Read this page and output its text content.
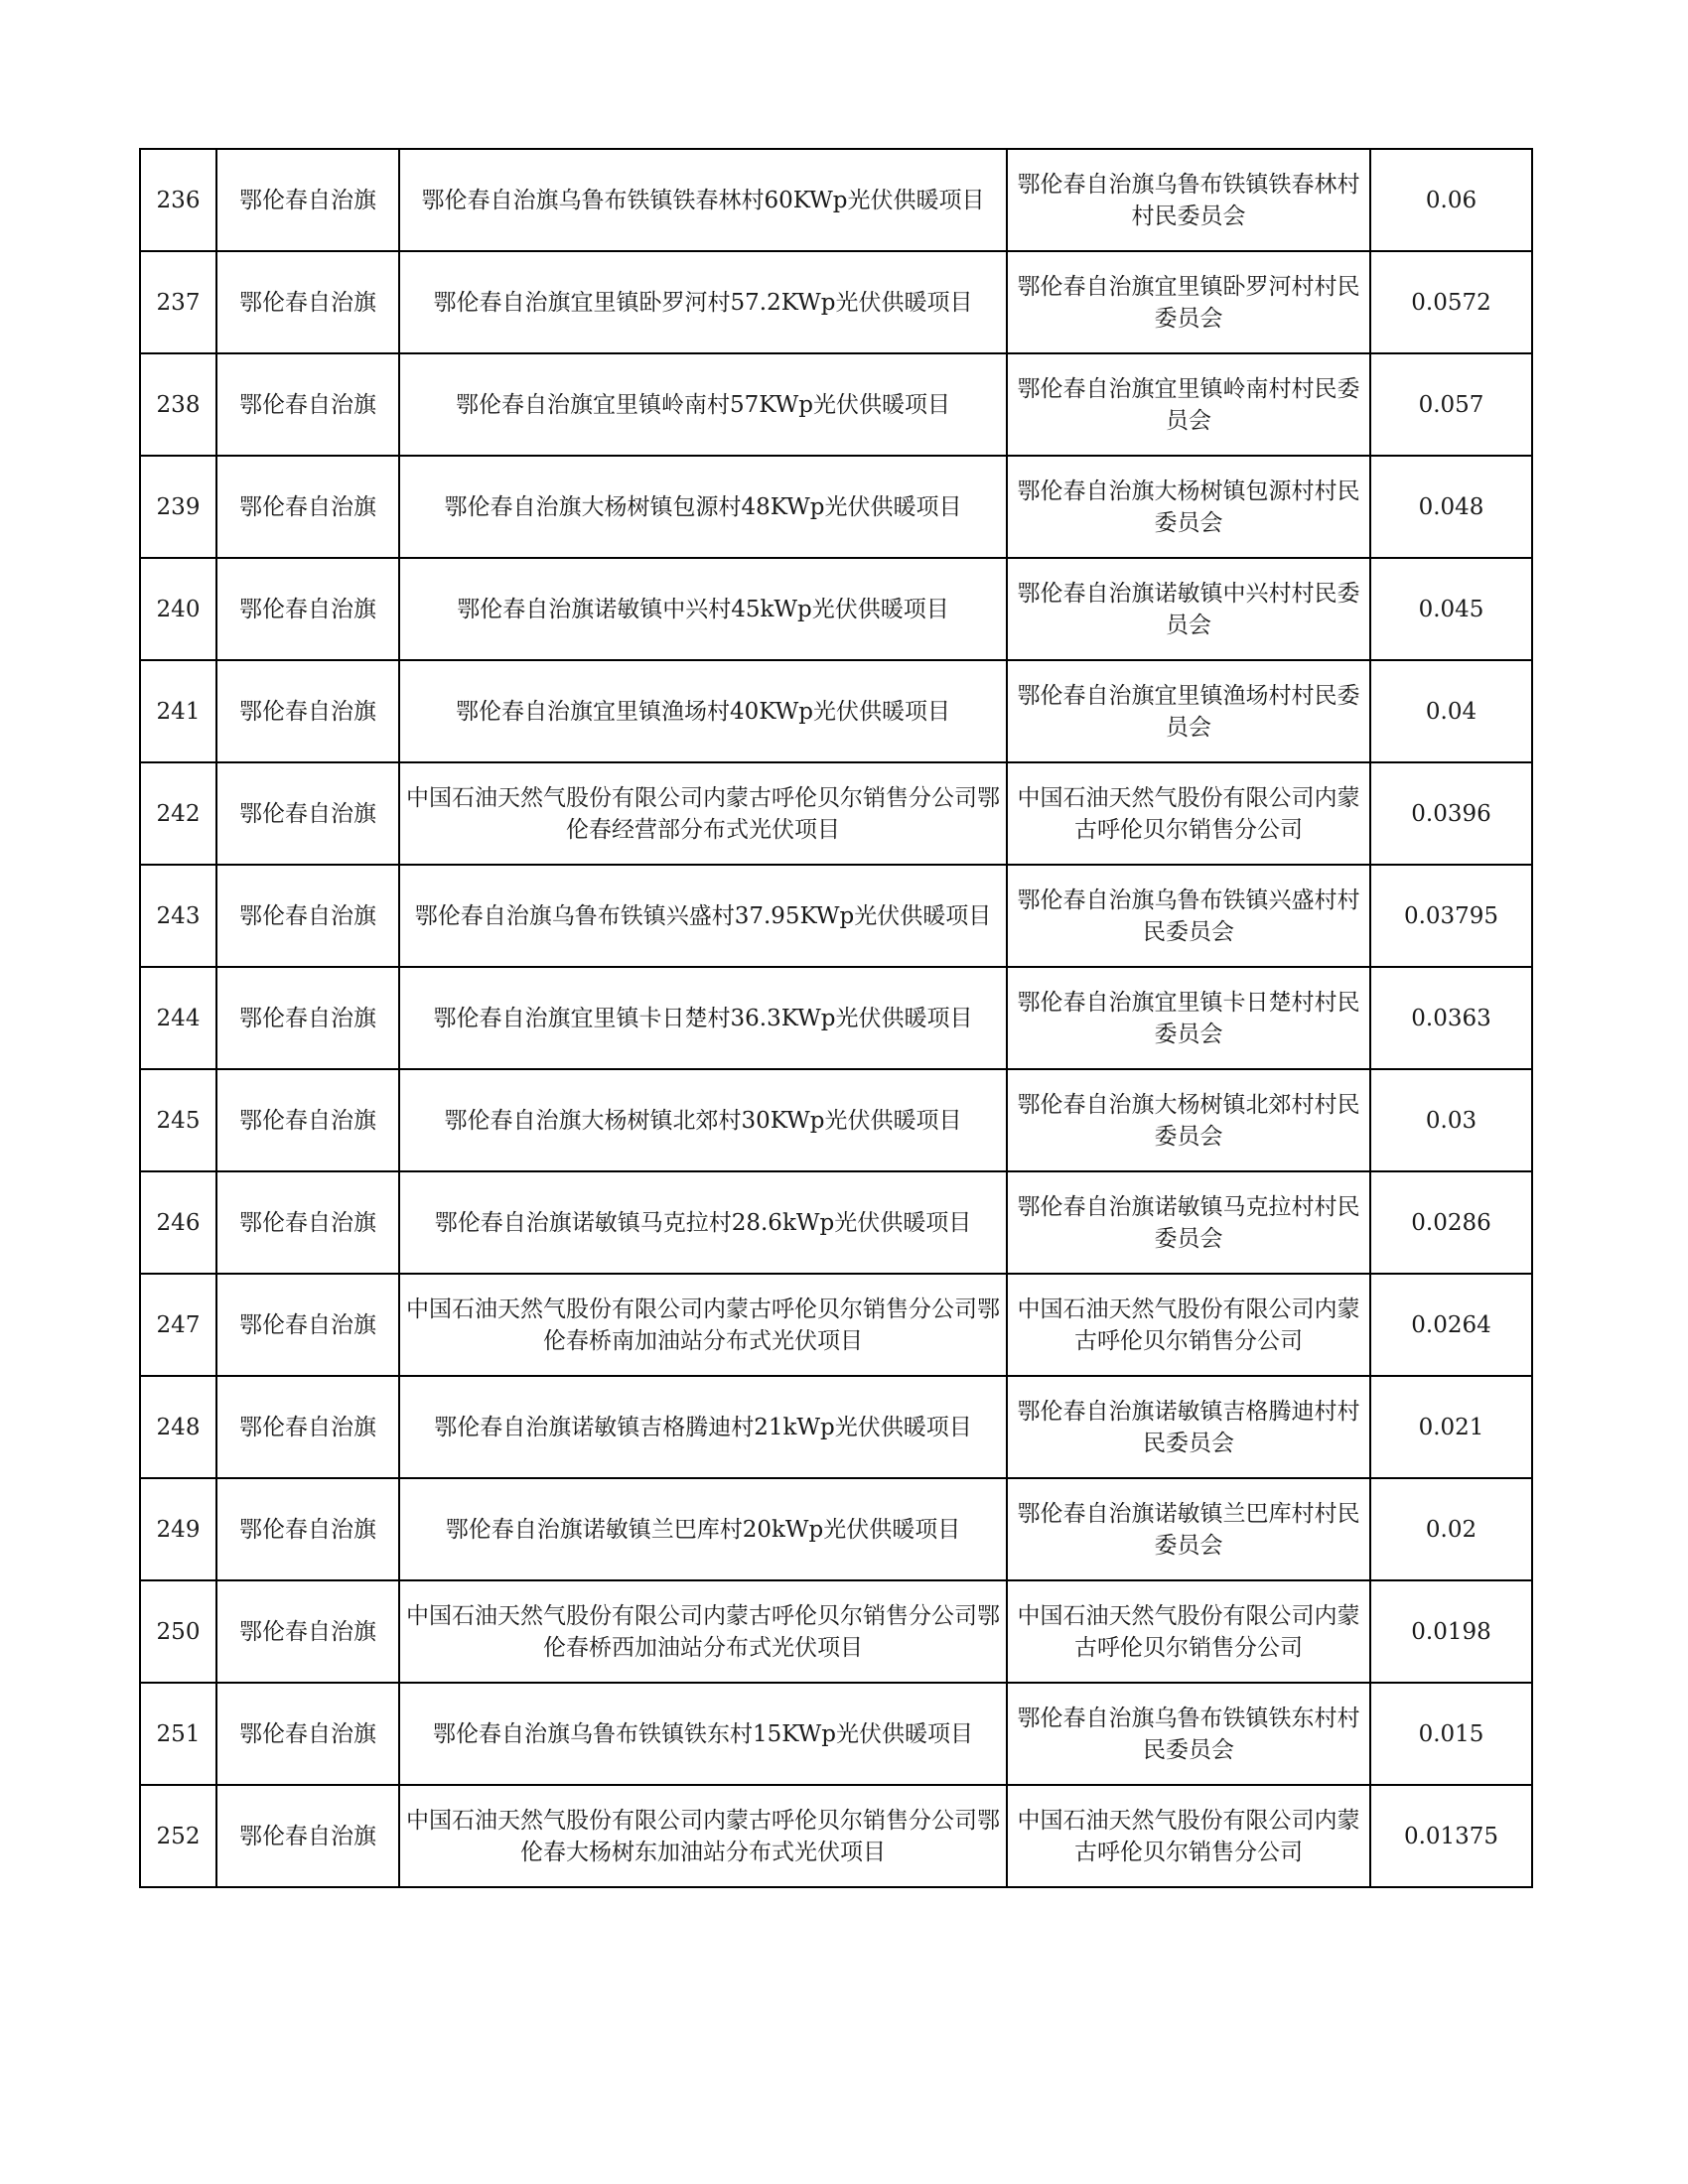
236	鄂伦春自治旗	鄂伦春自治旗乌鲁布铁镇铁春林村60KWp光伏供暖项目	鄂伦春自治旗乌鲁布铁镇铁春林村村民委员会	0.06
237	鄂伦春自治旗	鄂伦春自治旗宜里镇卧罗河村57.2KWp光伏供暖项目	鄂伦春自治旗宜里镇卧罗河村村民委员会	0.0572
238	鄂伦春自治旗	鄂伦春自治旗宜里镇岭南村57KWp光伏供暖项目	鄂伦春自治旗宜里镇岭南村村民委员会	0.057
239	鄂伦春自治旗	鄂伦春自治旗大杨树镇包源村48KWp光伏供暖项目	鄂伦春自治旗大杨树镇包源村村民委员会	0.048
240	鄂伦春自治旗	鄂伦春自治旗诺敏镇中兴村45kWp光伏供暖项目	鄂伦春自治旗诺敏镇中兴村村民委员会	0.045
241	鄂伦春自治旗	鄂伦春自治旗宜里镇渔场村40KWp光伏供暖项目	鄂伦春自治旗宜里镇渔场村村民委员会	0.04
242	鄂伦春自治旗	中国石油天然气股份有限公司内蒙古呼伦贝尔销售分公司鄂伦春经营部分布式光伏项目	中国石油天然气股份有限公司内蒙古呼伦贝尔销售分公司	0.0396
243	鄂伦春自治旗	鄂伦春自治旗乌鲁布铁镇兴盛村37.95KWp光伏供暖项目	鄂伦春自治旗乌鲁布铁镇兴盛村村民委员会	0.03795
244	鄂伦春自治旗	鄂伦春自治旗宜里镇卡日楚村36.3KWp光伏供暖项目	鄂伦春自治旗宜里镇卡日楚村村民委员会	0.0363
245	鄂伦春自治旗	鄂伦春自治旗大杨树镇北郊村30KWp光伏供暖项目	鄂伦春自治旗大杨树镇北郊村村民委员会	0.03
246	鄂伦春自治旗	鄂伦春自治旗诺敏镇马克拉村28.6kWp光伏供暖项目	鄂伦春自治旗诺敏镇马克拉村村民委员会	0.0286
247	鄂伦春自治旗	中国石油天然气股份有限公司内蒙古呼伦贝尔销售分公司鄂伦春桥南加油站分布式光伏项目	中国石油天然气股份有限公司内蒙古呼伦贝尔销售分公司	0.0264
248	鄂伦春自治旗	鄂伦春自治旗诺敏镇吉格腾迪村21kWp光伏供暖项目	鄂伦春自治旗诺敏镇吉格腾迪村村民委员会	0.021
249	鄂伦春自治旗	鄂伦春自治旗诺敏镇兰巴库村20kWp光伏供暖项目	鄂伦春自治旗诺敏镇兰巴库村村民委员会	0.02
250	鄂伦春自治旗	中国石油天然气股份有限公司内蒙古呼伦贝尔销售分公司鄂伦春桥西加油站分布式光伏项目	中国石油天然气股份有限公司内蒙古呼伦贝尔销售分公司	0.0198
251	鄂伦春自治旗	鄂伦春自治旗乌鲁布铁镇铁东村15KWp光伏供暖项目	鄂伦春自治旗乌鲁布铁镇铁东村村民委员会	0.015
252	鄂伦春自治旗	中国石油天然气股份有限公司内蒙古呼伦贝尔销售分公司鄂伦春大杨树东加油站分布式光伏项目	中国石油天然气股份有限公司内蒙古呼伦贝尔销售分公司	0.01375
